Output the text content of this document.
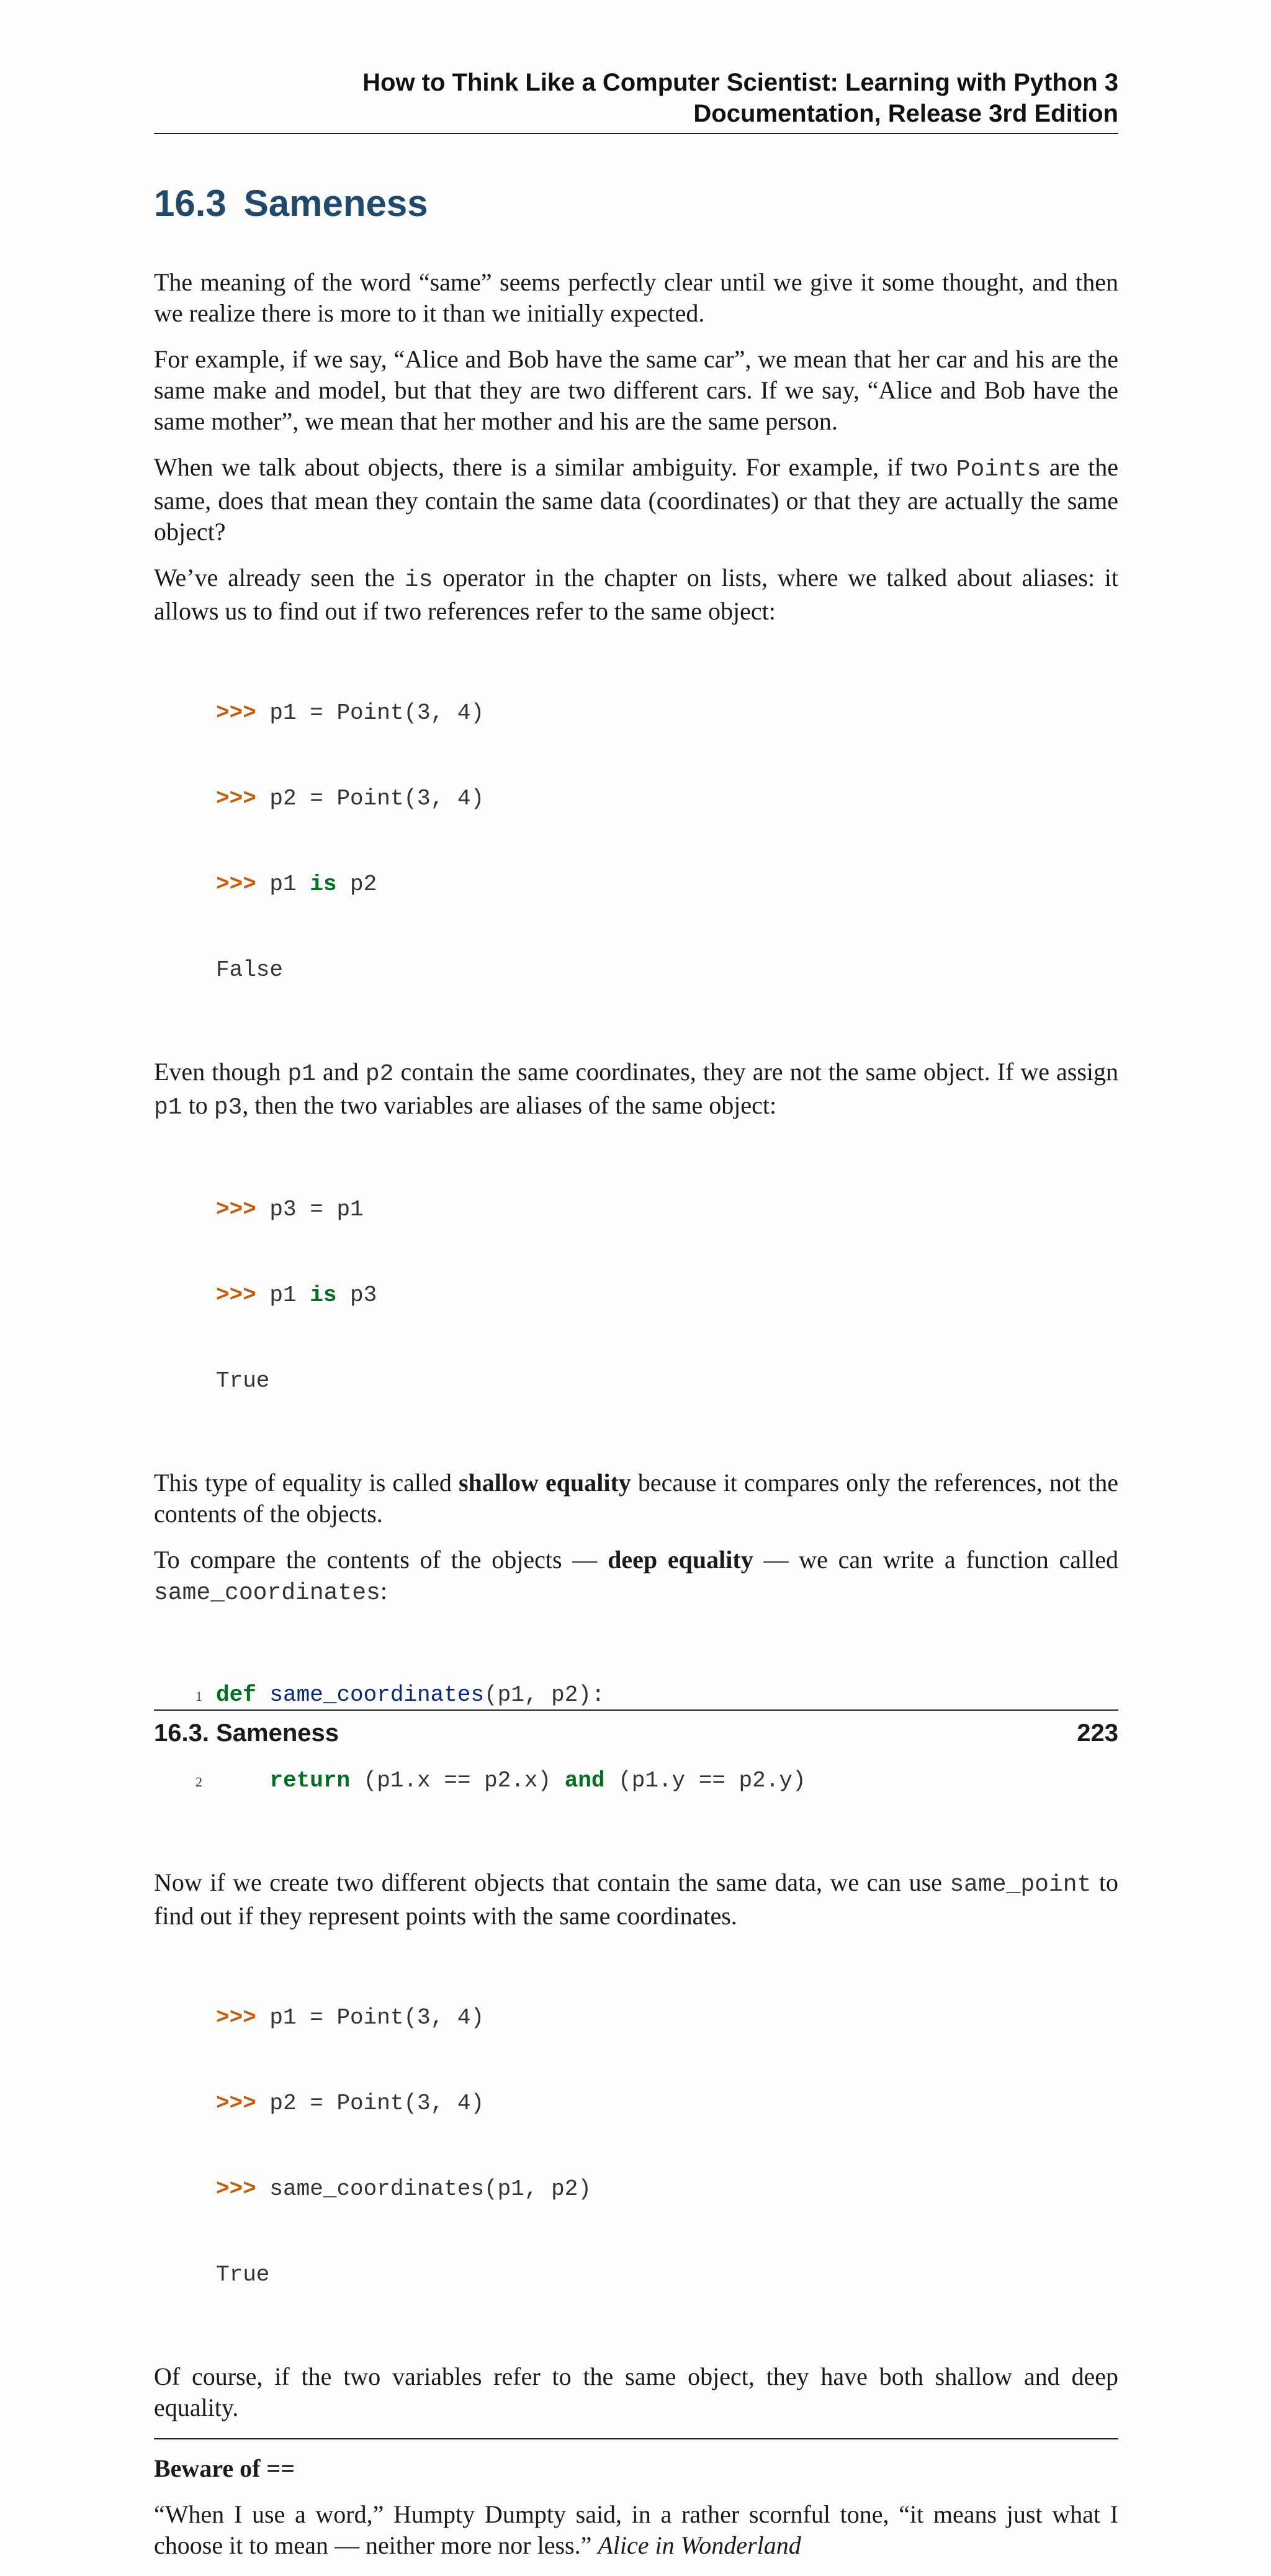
How to Think Like a Computer Scientist: Learning with Python 3
Documentation, Release 3rd Edition
16.3 Sameness

The meaning of the word “same” seems perfectly clear until we give it some thought, and then we realize there is more to it than we initially expected.

For example, if we say, “Alice and Bob have the same car”, we mean that her car and his are the same make and model, but that they are two different cars. If we say, “Alice and Bob have the same mother”, we mean that her mother and his are the same person.

When we talk about objects, there is a similar ambiguity. For example, if two Points are the same, does that mean they contain the same data (coordinates) or that they are actually the same object?

We’ve already seen the is operator in the chapter on lists, where we talked about aliases: it allows us to find out if two references refer to the same object:

>>> p1 = Point(3, 4)

>>> p2 = Point(3, 4)

>>> p1 is p2

False

Even though p1 and p2 contain the same coordinates, they are not the same object. If we assign p1 to p3, then the two variables are aliases of the same object:

>>> p3 = p1

>>> p1 is p3

True

This type of equality is called shallow equality because it compares only the references, not the contents of the objects.

To compare the contents of the objects — deep equality — we can write a function called same_coordinates:

1 def same_coordinates(p1, p2):

2	return (p1.x == p2.x) and (p1.y == p2.y)

Now if we create two different objects that contain the same data, we can use same_point to find out if they represent points with the same coordinates.

>>> p1 = Point(3, 4)

>>> p2 = Point(3, 4)

>>> same_coordinates(p1, p2)

True

Of course, if the two variables refer to the same object, they have both shallow and deep equality.

Beware of ==

“When I use a word,” Humpty Dumpty said, in a rather scornful tone, “it means just what I choose it to mean — neither more nor less.” Alice in Wonderland

16.3. Sameness	223
